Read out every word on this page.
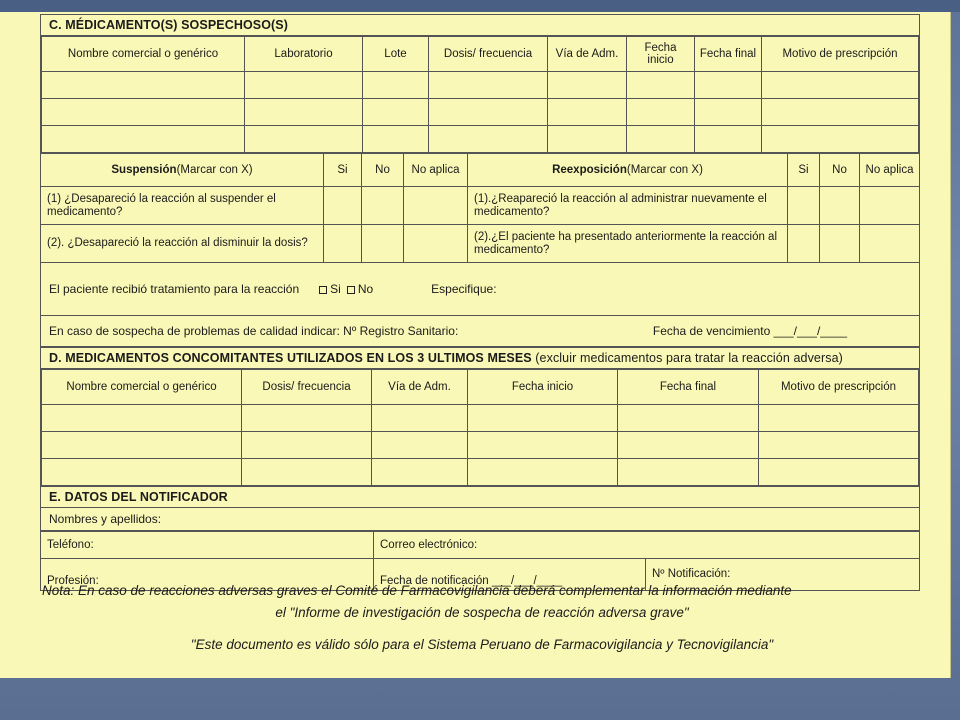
C. MÉDICAMENTO(S) SOSPECHOSO(S)
Nombre comercial o genérico	Laboratorio	Lote	Dosis/ frecuencia	Vía de Adm.	Fecha inicio	Fecha final	Motivo de prescripción

Suspensión(Marcar con X)	Si	No	No aplica	Reexposición(Marcar con X)	Si	No	No aplica
(1) ¿Desapareció la reacción al suspender el medicamento?				(1).¿Reapareció la reacción al administrar nuevamente el medicamento?			
(2). ¿Desapareció la reacción al disminuir la dosis?				(2).¿El paciente ha presentado anteriormente la reacción al medicamento?			
El paciente recibió tratamiento para la reacción	Si No	Especifique:
En caso de sospecha de problemas de calidad indicar: Nº Registro Sanitario:	Fecha de vencimiento ___/___/____
D. MEDICAMENTOS CONCOMITANTES UTILIZADOS EN LOS 3 ULTIMOS MESES (excluir medicamentos para tratar la reacción adversa)
Nombre comercial o genérico	Dosis/ frecuencia	Vía de Adm.	Fecha inicio	Fecha final	Motivo de prescripción

E. DATOS DEL NOTIFICADOR
Nombres y apellidos:
Teléfono:	Correo electrónico:	
Profesión:	Fecha de notificación ___/___/____	Nº Notificación:

Nota: En caso de reacciones adversas graves el Comité de Farmacovigilancia deberá complementar la información mediante

el "Informe de investigación de sospecha de reacción adversa grave"

"Este documento es válido sólo para el Sistema Peruano de Farmacovigilancia y Tecnovigilancia"
